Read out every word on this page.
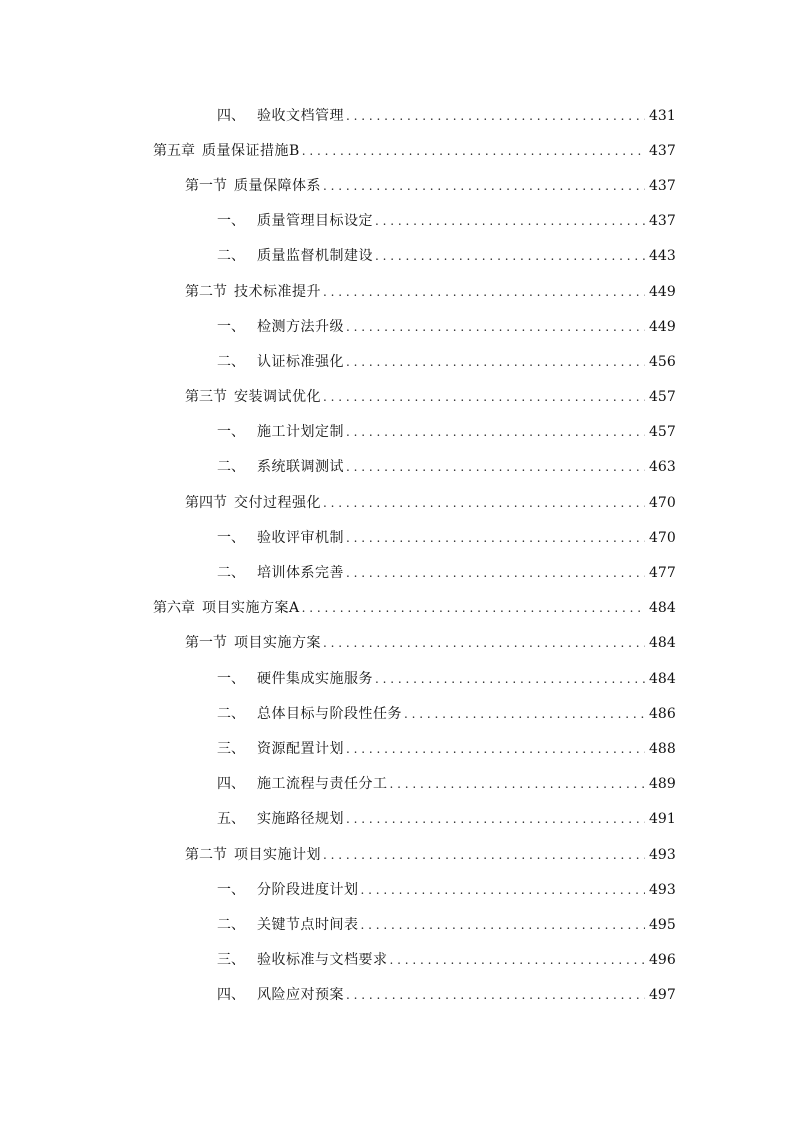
四、 验收文档管理 . . .	431
第五章 质量保证措施B . . .	437
第一节 质量保障体系 . . .	437
一、 质量管理目标设定 . . .	437
二、 质量监督机制建设 . . .	443
第二节 技术标准提升 . . .	449
一、 检测方法升级 . . .	449
二、 认证标准强化 . . .	456
第三节 安装调试优化 . . .	457
一、 施工计划定制 . . .	457
二、 系统联调测试 . . .	463
第四节 交付过程强化 . . .	470
一、 验收评审机制 . . .	470
二、 培训体系完善 . . .	477
第六章 项目实施方案A . . .	484
第一节 项目实施方案 . . .	484
一、 硬件集成实施服务 . . .	484
二、 总体目标与阶段性任务 . . .	486
三、 资源配置计划 . . .	488
四、 施工流程与责任分工 . . .	489
五、 实施路径规划 . . .	491
第二节 项目实施计划 . . .	493
一、 分阶段进度计划 . . .	493
二、 关键节点时间表 . . .	495
三、 验收标准与文档要求 . . .	496
四、 风险应对预案 . . .	497
